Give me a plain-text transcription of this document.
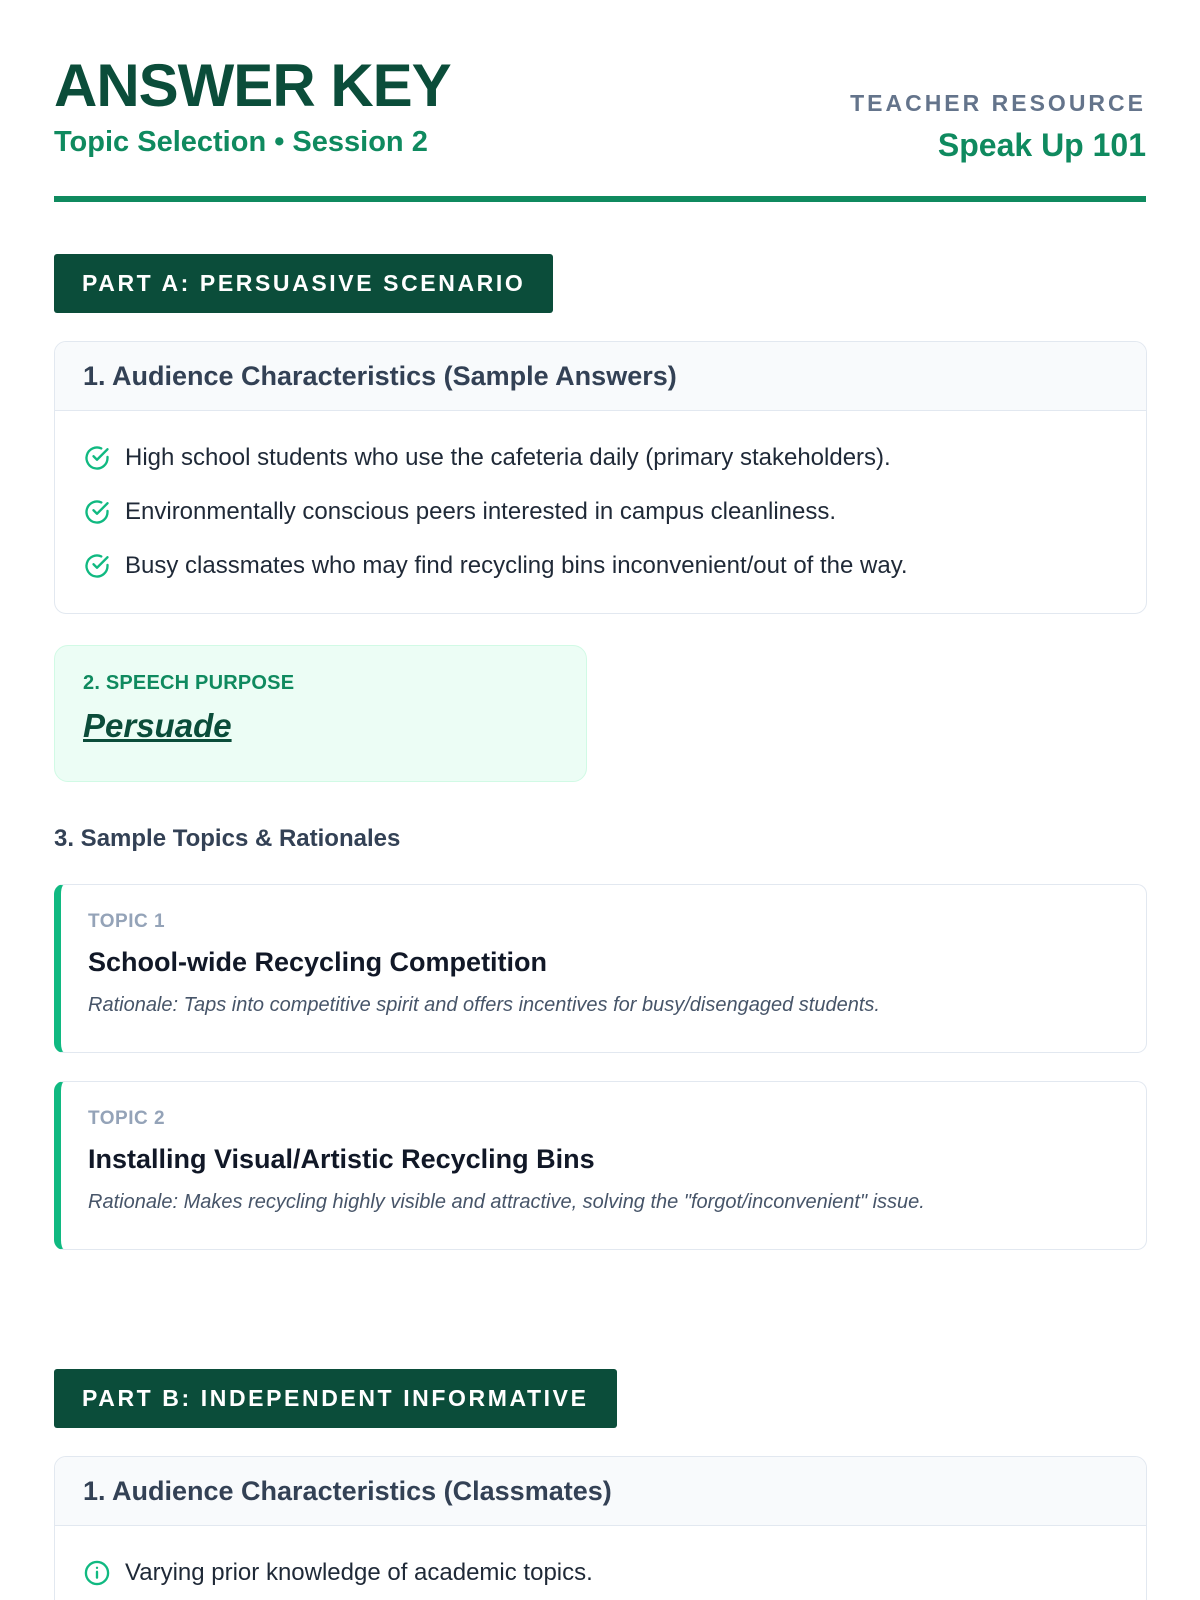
ANSWER KEY
Topic Selection • Session 2
TEACHER RESOURCE
Speak Up 101
PART A: PERSUASIVE SCENARIO
1. Audience Characteristics (Sample Answers)
High school students who use the cafeteria daily (primary stakeholders).
Environmentally conscious peers interested in campus cleanliness.
Busy classmates who may find recycling bins inconvenient/out of the way.
2. SPEECH PURPOSE
Persuade
3. Sample Topics & Rationales
TOPIC 1
School-wide Recycling Competition
Rationale: Taps into competitive spirit and offers incentives for busy/disengaged students.
TOPIC 2
Installing Visual/Artistic Recycling Bins
Rationale: Makes recycling highly visible and attractive, solving the "forgot/inconvenient" issue.
PART B: INDEPENDENT INFORMATIVE
1. Audience Characteristics (Classmates)
Varying prior knowledge of academic topics.
